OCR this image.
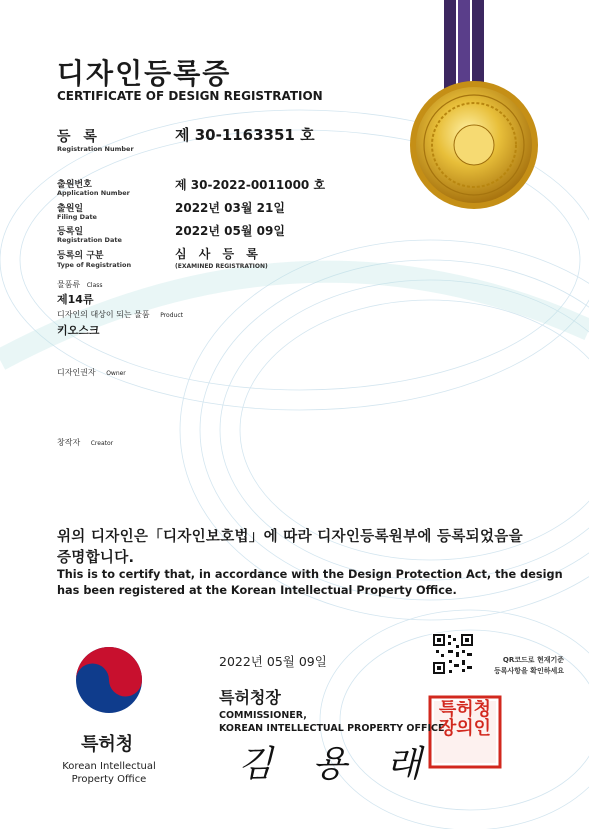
디자인등록증
CERTIFICATE OF DESIGN REGISTRATION
등 록
Registration Number
제 30-1163351 호
출원번호
Application Number
제 30-2022-0011000 호
출원일
Filing Date
2022년 03월 21일
등록일
Registration Date
2022년 05월 09일
등록의 구분
Type of Registration
심 사 등 록
(EXAMINED REGISTRATION)
물품류 Class
제14류
디자인의 대상이 되는 물품 Product
키오스크
디자인권자 Owner
창작자 Creator
위의 디자인은「디자인보호법」에 따라 디자인등록원부에 등록되었음을
증명합니다.
This is to certify that, in accordance with the Design Protection Act, the design
has been registered at the Korean Intellectual Property Office.
2022년 05월 09일
특허청장
COMMISSIONER,
KOREAN INTELLECTUAL PROPERTY OFFICE
김 용 래
특허청
Korean Intellectual
Property Office
QR코드로 현재기준
등록사항을 확인하세요
특허청장의인
